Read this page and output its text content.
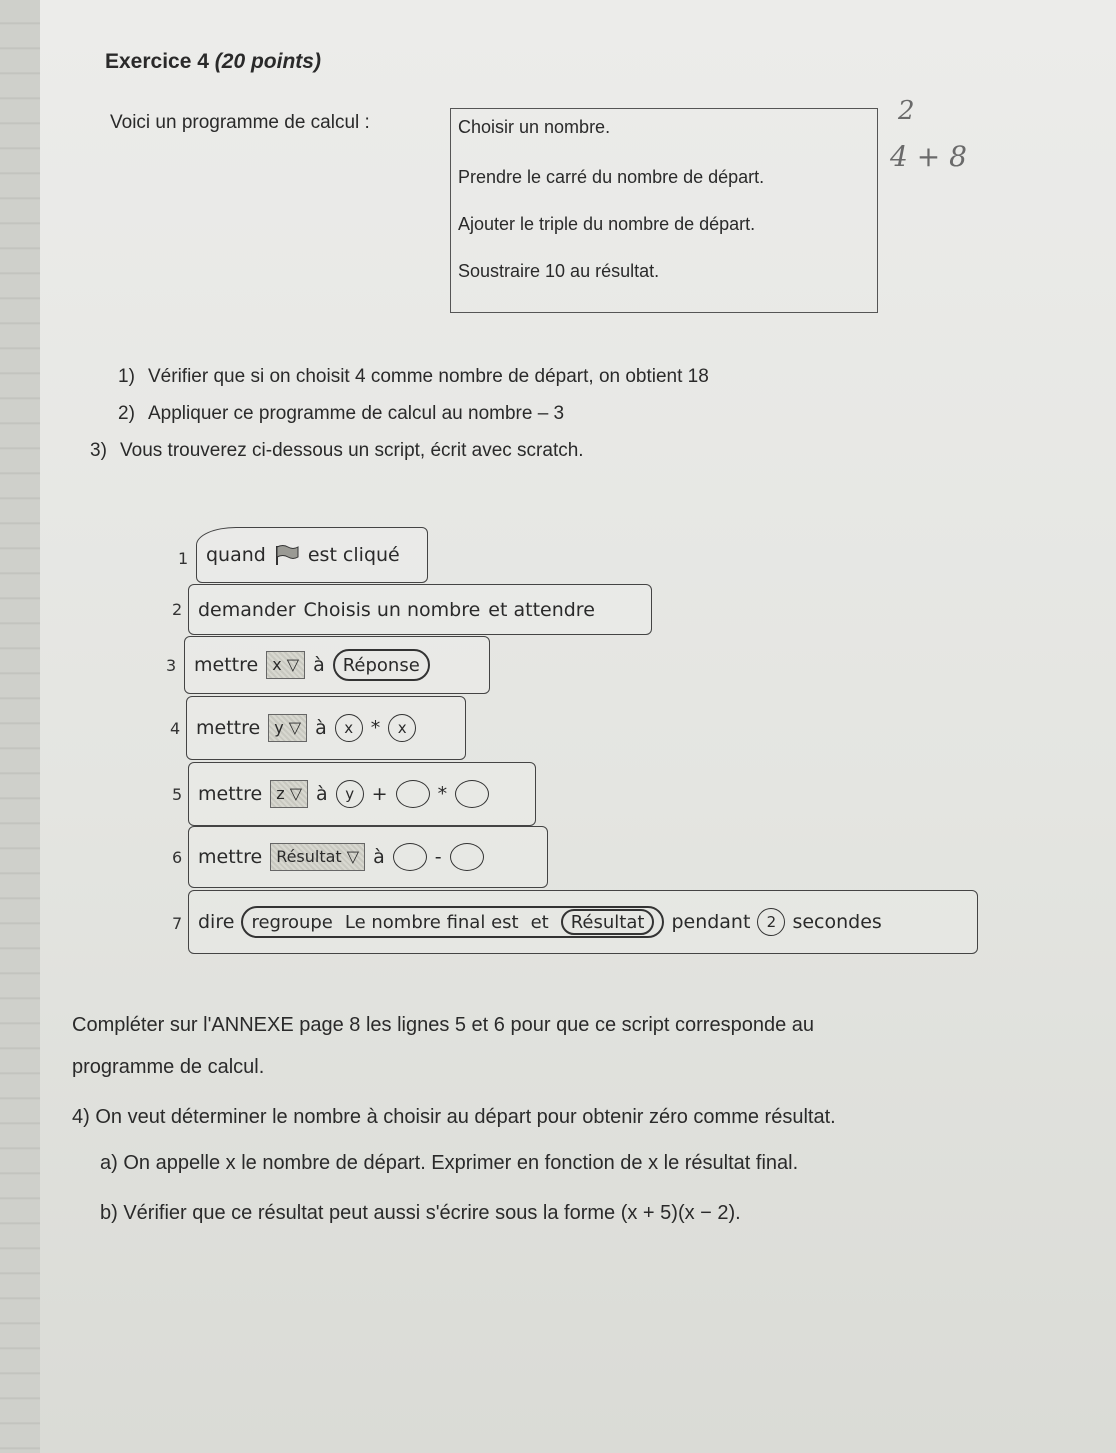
Exercice 4 (20 points)
Voici un programme de calcul :	Choisir un nombre.
Prendre le carré du nombre de départ.
Ajouter le triple du nombre de départ.
Soustraire 10 au résultat.
2
4 + 8
1) Vérifier que si on choisit 4 comme nombre de départ, on obtient 18
2) Appliquer ce programme de calcul au nombre – 3
3) Vous trouverez ci-dessous un script, écrit avec scratch.
1 quand est cliqué
2 demander Choisis un nombre et attendre
3 mettre x ▽ à	Réponse
4 mettre y ▽ à	x *	x
5 mettre z ▽ à	y +	*
6 mettre Résultat ▽ à	-
7 dire regroupe Le nombre final est et	Résultat	pendant	2 secondes
Compléter sur l'ANNEXE page 8 les lignes 5 et 6 pour que ce script corresponde au
programme de calcul.
4) On veut déterminer le nombre à choisir au départ pour obtenir zéro comme résultat.
a) On appelle x le nombre de départ. Exprimer en fonction de x le résultat final.
b) Vérifier que ce résultat peut aussi s'écrire sous la forme (x + 5)(x − 2).
